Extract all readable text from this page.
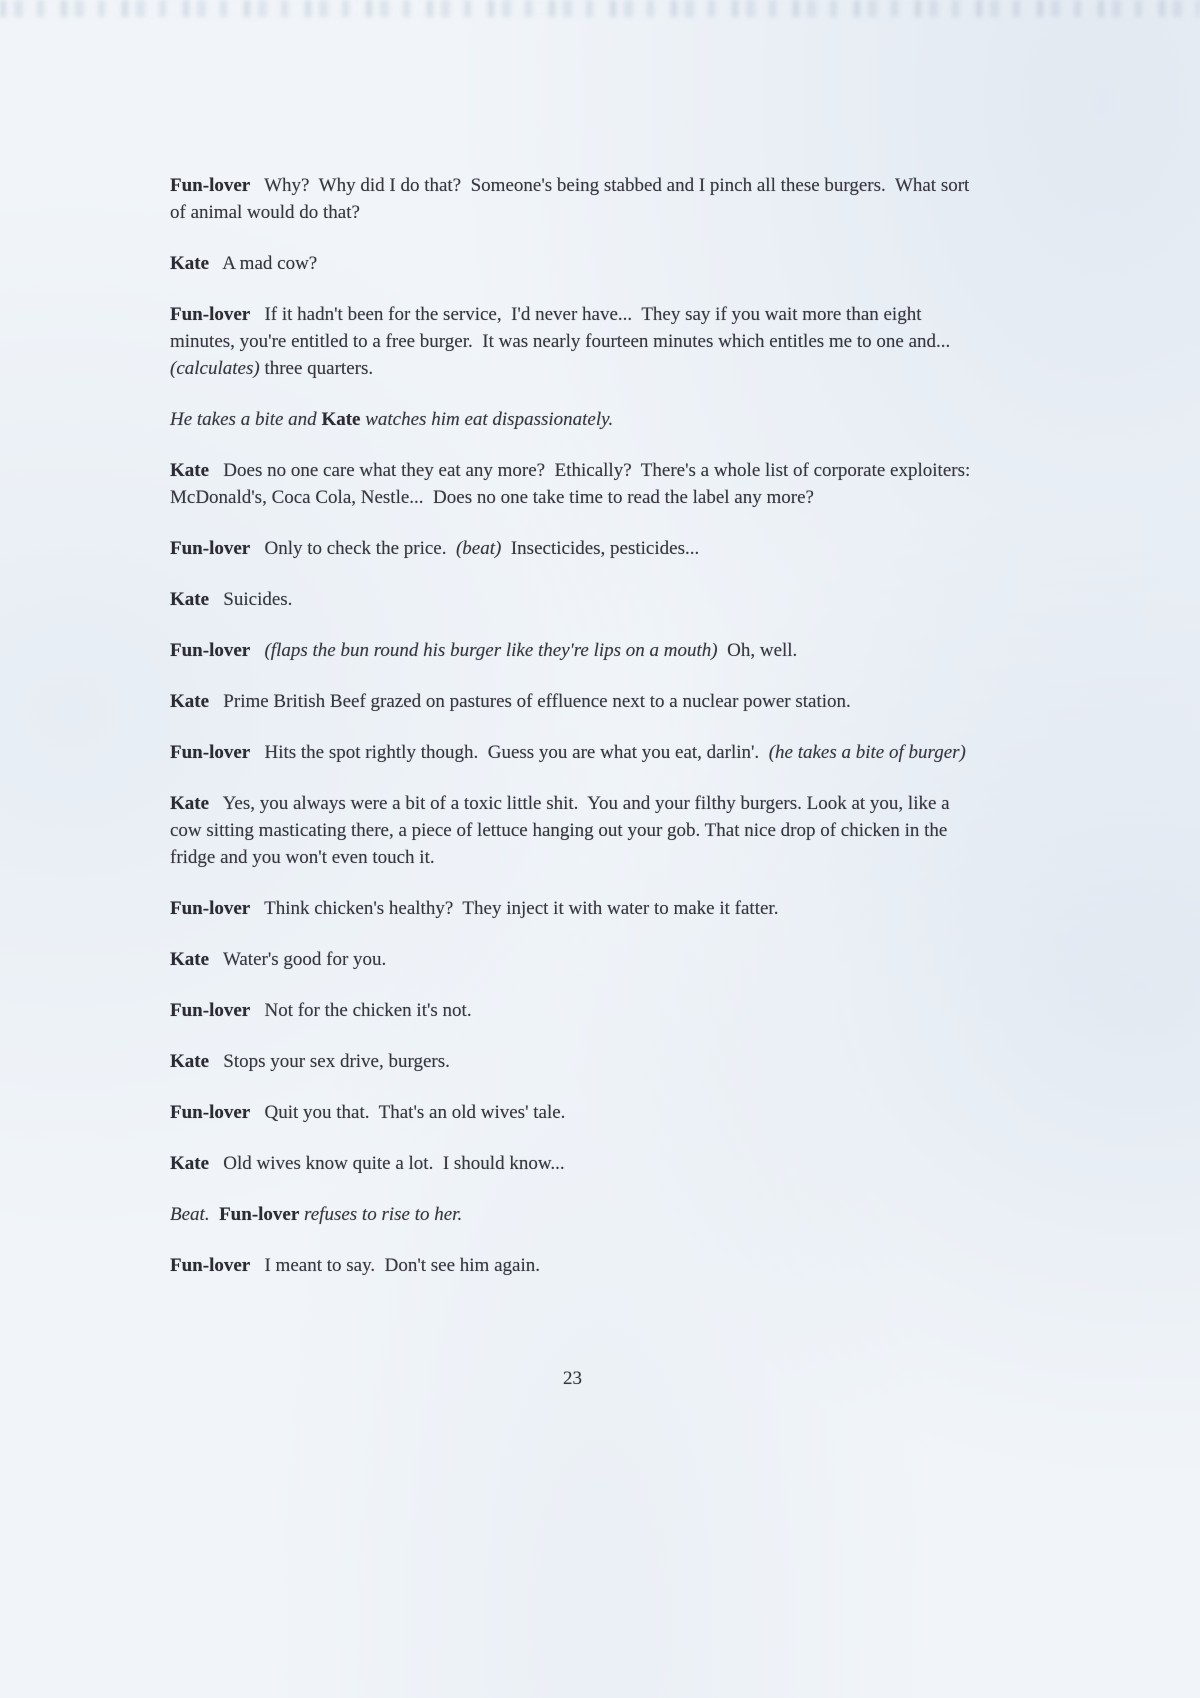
Fun-lover   Why?  Why did I do that?  Someone's being stabbed and I pinch all these burgers.  What sort of animal would do that?

Kate   A mad cow?

Fun-lover   If it hadn't been for the service,  I'd never have...  They say if you wait more than eight minutes, you're entitled to a free burger.  It was nearly fourteen minutes which entitles me to one and... (calculates) three quarters.

He takes a bite and Kate watches him eat dispassionately.

Kate   Does no one care what they eat any more?  Ethically?  There's a whole list of corporate exploiters: McDonald's, Coca Cola, Nestle...  Does no one take time to read the label any more?

Fun-lover   Only to check the price.  (beat)  Insecticides, pesticides...

Kate   Suicides.

Fun-lover (flaps the bun round his burger like they're lips on a mouth)  Oh, well.

Kate   Prime British Beef grazed on pastures of effluence next to a nuclear power station.

Fun-lover   Hits the spot rightly though.  Guess you are what you eat, darlin'.  (he takes a bite of burger)

Kate   Yes, you always were a bit of a toxic little shit.  You and your filthy burgers. Look at you, like a cow sitting masticating there, a piece of lettuce hanging out your gob. That nice drop of chicken in the fridge and you won't even touch it.

Fun-lover   Think chicken's healthy?  They inject it with water to make it fatter.

Kate   Water's good for you.

Fun-lover   Not for the chicken it's not.

Kate   Stops your sex drive, burgers.

Fun-lover   Quit you that.  That's an old wives' tale.

Kate   Old wives know quite a lot.  I should know...

Beat.  Fun-lover refuses to rise to her.

Fun-lover   I meant to say.  Don't see him again.

23
